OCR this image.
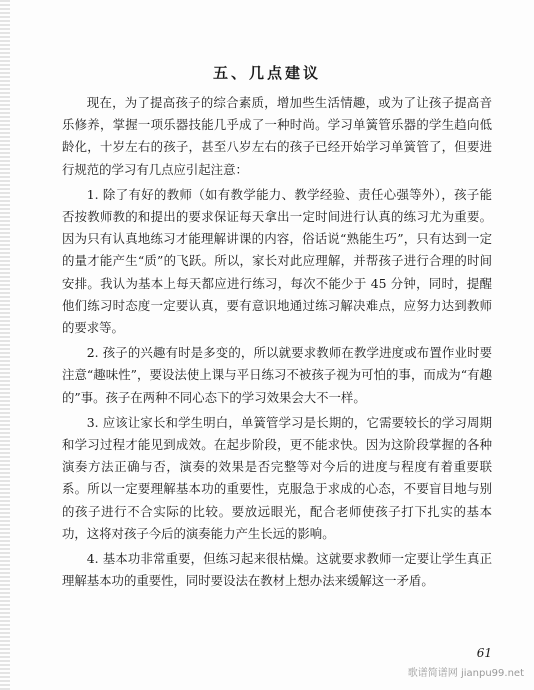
五、几点建议

现在，为了提高孩子的综合素质，增加些生活情趣，或为了让孩子提高音乐修养，掌握一项乐器技能几乎成了一种时尚。学习单簧管乐器的学生趋向低龄化，十岁左右的孩子，甚至八岁左右的孩子已经开始学习单簧管了，但要进行规范的学习有几点应引起注意：

1. 除了有好的教师（如有教学能力、教学经验、责任心强等外），孩子能否按教师教的和提出的要求保证每天拿出一定时间进行认真的练习尤为重要。因为只有认真地练习才能理解讲课的内容，俗话说“熟能生巧”，只有达到一定的量才能产生“质”的飞跃。所以，家长对此应理解，并帮孩子进行合理的时间安排。我认为基本上每天都应进行练习，每次不能少于 45 分钟，同时，提醒他们练习时态度一定要认真，要有意识地通过练习解决难点，应努力达到教师的要求等。

2. 孩子的兴趣有时是多变的，所以就要求教师在教学进度或布置作业时要注意“趣味性”，要设法使上课与平日练习不被孩子视为可怕的事，而成为“有趣的”事。孩子在两种不同心态下的学习效果会大不一样。

3. 应该让家长和学生明白，单簧管学习是长期的，它需要较长的学习周期和学习过程才能见到成效。在起步阶段，更不能求快。因为这阶段掌握的各种演奏方法正确与否，演奏的效果是否完整等对今后的进度与程度有着重要联系。所以一定要理解基本功的重要性，克服急于求成的心态，不要盲目地与别的孩子进行不合实际的比较。要放远眼光，配合老师使孩子打下扎实的基本功，这将对孩子今后的演奏能力产生长远的影响。

4. 基本功非常重要，但练习起来很枯燥。这就要求教师一定要让学生真正理解基本功的重要性，同时要设法在教材上想办法来缓解这一矛盾。

61
歌谱简谱网 jianpu99.net
